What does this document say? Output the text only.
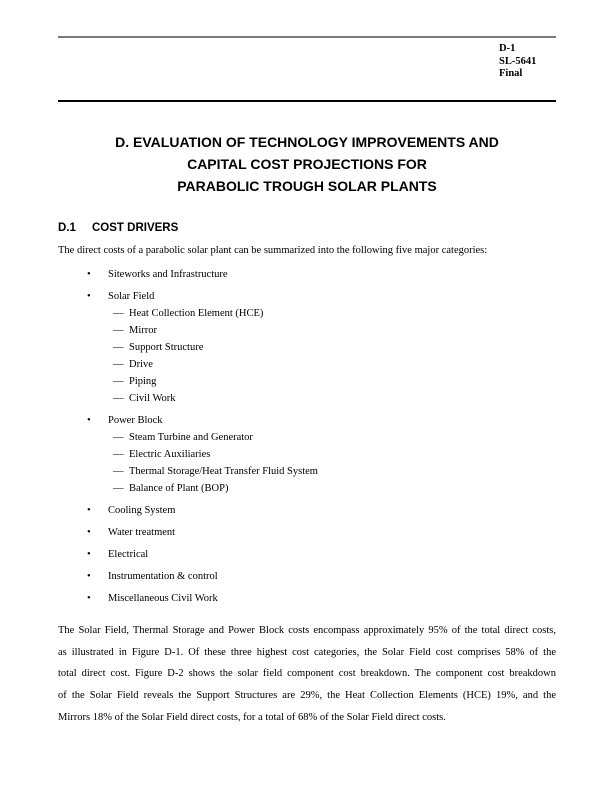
D-1
SL-5641
Final
D. EVALUATION OF TECHNOLOGY IMPROVEMENTS AND
CAPITAL COST PROJECTIONS FOR
PARABOLIC TROUGH SOLAR PLANTS
D.1 COST DRIVERS
The direct costs of a parabolic solar plant can be summarized into the following five major categories:
• Siteworks and Infrastructure
• Solar Field
— Heat Collection Element (HCE)
— Mirror
— Support Structure
— Drive
— Piping
— Civil Work
• Power Block
— Steam Turbine and Generator
— Electric Auxiliaries
— Thermal Storage/Heat Transfer Fluid System
— Balance of Plant (BOP)
• Cooling System
• Water treatment
• Electrical
• Instrumentation & control
• Miscellaneous Civil Work
The Solar Field, Thermal Storage and Power Block costs encompass approximately 95% of the total direct costs,
as illustrated in Figure D-1. Of these three highest cost categories, the Solar Field cost comprises 58% of the
total direct cost. Figure D-2 shows the solar field component cost breakdown. The component cost breakdown
of the Solar Field reveals the Support Structures are 29%, the Heat Collection Elements (HCE) 19%, and the
Mirrors 18% of the Solar Field direct costs, for a total of 68% of the Solar Field direct costs.
